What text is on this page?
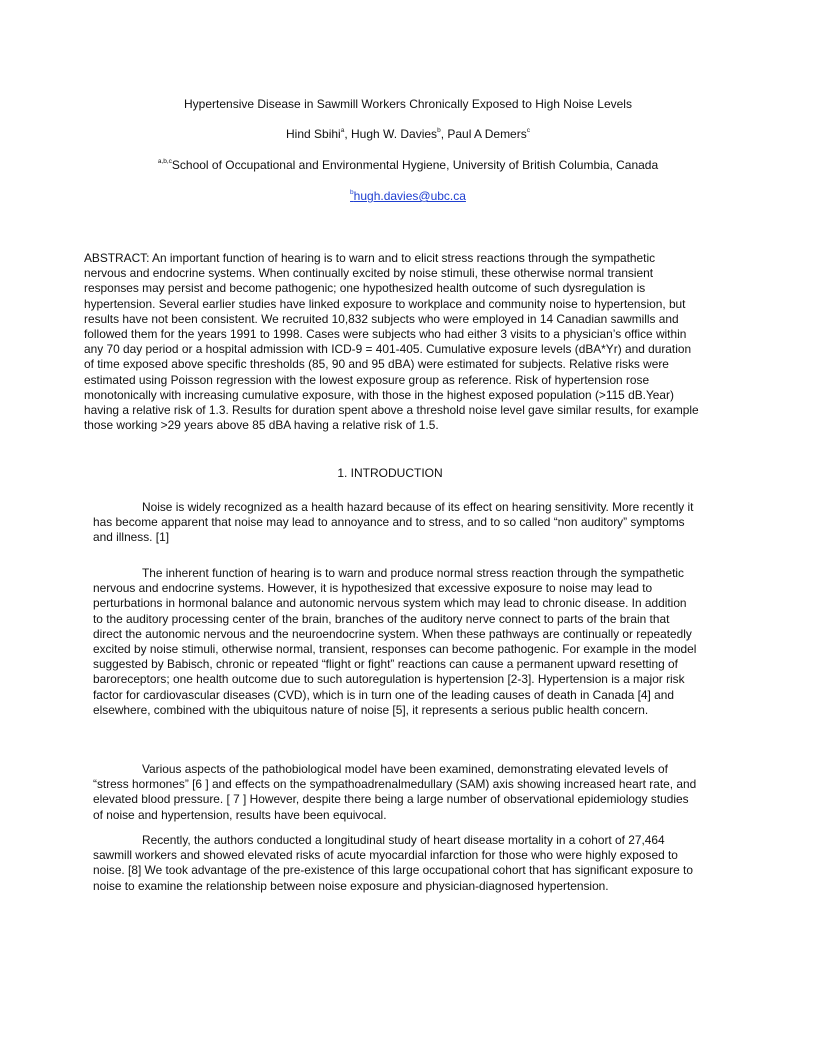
Hypertensive Disease in Sawmill Workers Chronically Exposed to High Noise Levels
Hind Sbihi$^a$, Hugh W. Davies$^b$, Paul A Demers$^c$
$^{a,b,c}$School of Occupational and Environmental Hygiene, University of British Columbia, Canada
$^b$hugh.davies@ubc.ca
ABSTRACT: An important function of hearing is to warn and to elicit stress reactions through the sympathetic nervous and endocrine systems. When continually excited by noise stimuli, these otherwise normal transient responses may persist and become pathogenic; one hypothesized health outcome of such dysregulation is hypertension. Several earlier studies have linked exposure to workplace and community noise to hypertension, but results have not been consistent. We recruited 10,832 subjects who were employed in 14 Canadian sawmills and followed them for the years 1991 to 1998. Cases were subjects who had either 3 visits to a physician’s office within any 70 day period or a hospital admission with ICD-9 = 401-405. Cumulative exposure levels (dBA*Yr) and duration of time exposed above specific thresholds (85, 90 and 95 dBA) were estimated for subjects. Relative risks were estimated using Poisson regression with the lowest exposure group as reference. Risk of hypertension rose monotonically with increasing cumulative exposure, with those in the highest exposed population (>115 dB.Year) having a relative risk of 1.3. Results for duration spent above a threshold noise level gave similar results, for example those working >29 years above 85 dBA having a relative risk of 1.5.
1. INTRODUCTION
Noise is widely recognized as a health hazard because of its effect on hearing sensitivity. More recently it has become apparent that noise may lead to annoyance and to stress, and to so called “non auditory” symptoms and illness. [1]
The inherent function of hearing is to warn and produce normal stress reaction through the sympathetic nervous and endocrine systems. However, it is hypothesized that excessive exposure to noise may lead to perturbations in hormonal balance and autonomic nervous system which may lead to chronic disease. In addition to the auditory processing center of the brain, branches of the auditory nerve connect to parts of the brain that direct the autonomic nervous and the neuroendocrine system. When these pathways are continually or repeatedly excited by noise stimuli, otherwise normal, transient, responses can become pathogenic. For example in the model suggested by Babisch, chronic or repeated “flight or fight” reactions can cause a permanent upward resetting of baroreceptors; one health outcome due to such autoregulation is hypertension [2-3]. Hypertension is a major risk factor for cardiovascular diseases (CVD), which is in turn one of the leading causes of death in Canada [4] and elsewhere, combined with the ubiquitous nature of noise [5], it represents a serious public health concern.
Various aspects of the pathobiological model have been examined, demonstrating elevated levels of “stress hormones” [6 ] and effects on the sympathoadrenalmedullary (SAM) axis showing increased heart rate, and elevated blood pressure. [ 7 ] However, despite there being a large number of observational epidemiology studies of noise and hypertension, results have been equivocal.
Recently, the authors conducted a longitudinal study of heart disease mortality in a cohort of 27,464 sawmill workers and showed elevated risks of acute myocardial infarction for those who were highly exposed to noise. [8] We took advantage of the pre-existence of this large occupational cohort that has significant exposure to noise to examine the relationship between noise exposure and physician-diagnosed hypertension.
